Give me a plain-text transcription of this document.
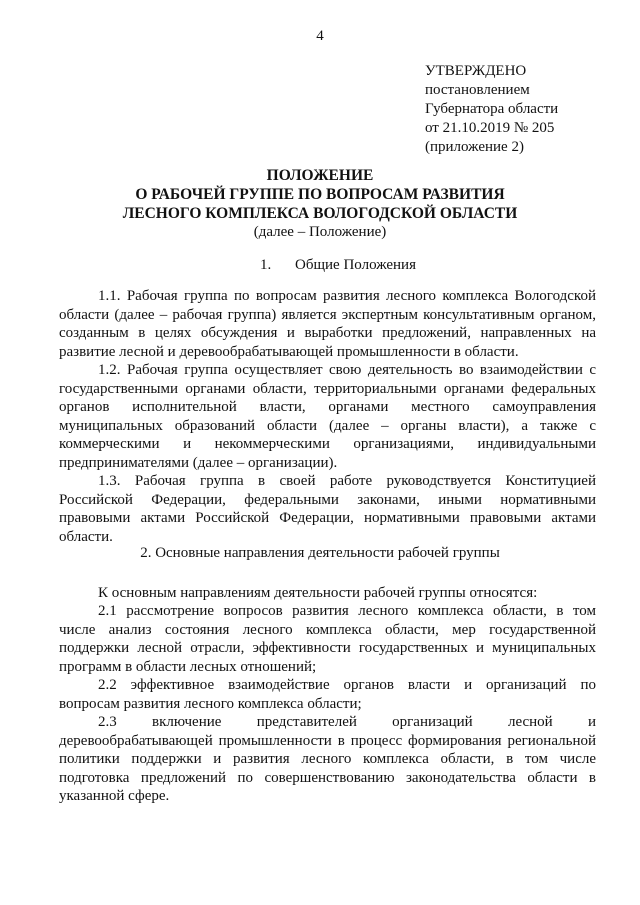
4
УТВЕРЖДЕНО
постановлением
Губернатора области
от 21.10.2019 № 205
(приложение 2)
ПОЛОЖЕНИЕ
О РАБОЧЕЙ ГРУППЕ ПО ВОПРОСАМ РАЗВИТИЯ
ЛЕСНОГО КОМПЛЕКСА ВОЛОГОДСКОЙ ОБЛАСТИ
(далее – Положение)
1. Общие Положения
1.1. Рабочая группа по вопросам развития лесного комплекса Вологодской
области (далее – рабочая группа) является экспертным консультативным органом,
созданным в целях обсуждения и выработки предложений, направленных на
развитие лесной и деревообрабатывающей промышленности в области.
1.2. Рабочая группа осуществляет свою деятельность во взаимодействии с
государственными органами области, территориальными органами федеральных
органов исполнительной власти, органами местного самоуправления
муниципальных образований области (далее – органы власти), а также с
коммерческими и некоммерческими организациями, индивидуальными
предпринимателями (далее – организации).
1.3. Рабочая группа в своей работе руководствуется Конституцией
Российской Федерации, федеральными законами, иными нормативными
правовыми актами Российской Федерации, нормативными правовыми актами
области.
2. Основные направления деятельности рабочей группы
К основным направлениям деятельности рабочей группы относятся:
2.1 рассмотрение вопросов развития лесного комплекса области, в том
числе анализ состояния лесного комплекса области, мер государственной
поддержки лесной отрасли, эффективности государственных и муниципальных
программ в области лесных отношений;
2.2 эффективное взаимодействие органов власти и организаций по
вопросам развития лесного комплекса области;
2.3 включение представителей организаций лесной и
деревообрабатывающей промышленности в процесс формирования региональной
политики поддержки и развития лесного комплекса области, в том числе
подготовка предложений по совершенствованию законодательства области в
указанной сфере.
